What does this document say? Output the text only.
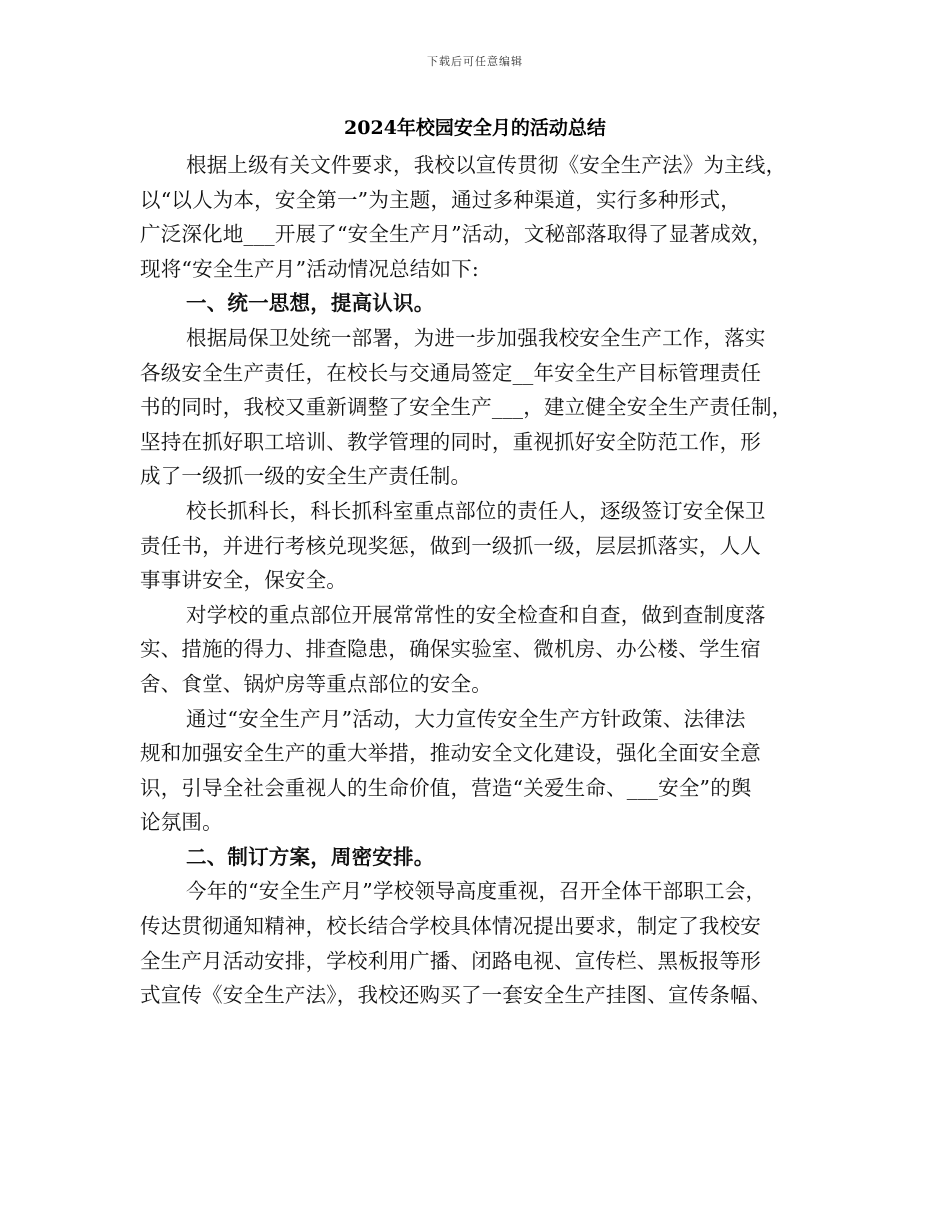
下载后可任意编辑
2024年校园安全月的活动总结
根据上级有关文件要求，我校以宣传贯彻《安全生产法》为主线，
以“以人为本，安全第一”为主题，通过多种渠道，实行多种形式，
广泛深化地___开展了“安全生产月”活动，文秘部落取得了显著成效，
现将“安全生产月”活动情况总结如下:
一、统一思想，提高认识。
根据局保卫处统一部署，为进一步加强我校安全生产工作，落实
各级安全生产责任，在校长与交通局签定__年安全生产目标管理责任
书的同时，我校又重新调整了安全生产___，建立健全安全生产责任制，
坚持在抓好职工培训、教学管理的同时，重视抓好安全防范工作，形
成了一级抓一级的安全生产责任制。
校长抓科长，科长抓科室重点部位的责任人，逐级签订安全保卫
责任书，并进行考核兑现奖惩，做到一级抓一级，层层抓落实，人人
事事讲安全，保安全。
对学校的重点部位开展常常性的安全检查和自查，做到查制度落
实、措施的得力、排查隐患，确保实验室、微机房、办公楼、学生宿
舍、食堂、锅炉房等重点部位的安全。
通过“安全生产月”活动，大力宣传安全生产方针政策、法律法
规和加强安全生产的重大举措，推动安全文化建设，强化全面安全意
识，引导全社会重视人的生命价值，营造“关爱生命、___安全”的舆
论氛围。
二、制订方案，周密安排。
今年的“安全生产月”学校领导高度重视，召开全体干部职工会，
传达贯彻通知精神，校长结合学校具体情况提出要求，制定了我校安
全生产月活动安排，学校利用广播、闭路电视、宣传栏、黑板报等形
式宣传《安全生产法》，我校还购买了一套安全生产挂图、宣传条幅、
